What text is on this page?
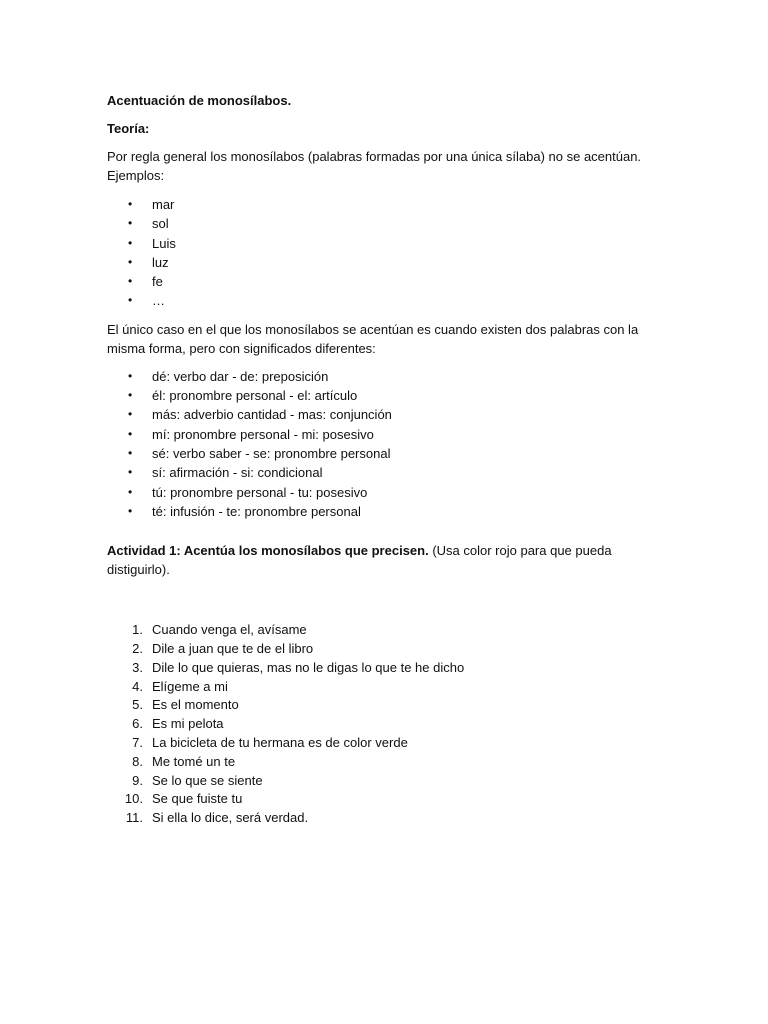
Acentuación de monosílabos.

Teoría:

Por regla general los monosílabos (palabras formadas por una única sílaba) no se acentúan.

Ejemplos:

• mar
• sol
• Luis
• luz
• fe
• …

El único caso en el que los monosílabos se acentúan es cuando existen dos palabras con la misma forma, pero con significados diferentes:

• dé: verbo dar - de: preposición
• él: pronombre personal - el: artículo
• más: adverbio cantidad - mas: conjunción
• mí: pronombre personal - mi: posesivo
• sé: verbo saber - se: pronombre personal
• sí: afirmación - si: condicional
• tú: pronombre personal - tu: posesivo
• té: infusión - te: pronombre personal

Actividad 1: Acentúa los monosílabos que precisen. (Usa color rojo para que pueda distiguirlo).

1. Cuando venga el, avísame
2. Dile a juan que te de el libro
3. Dile lo que quieras, mas no le digas lo que te he dicho
4. Elígeme a mi
5. Es el momento
6. Es mi pelota
7. La bicicleta de tu hermana es de color verde
8. Me tomé un te
9. Se lo que se siente
10. Se que fuiste tu
11. Si ella lo dice, será verdad.
